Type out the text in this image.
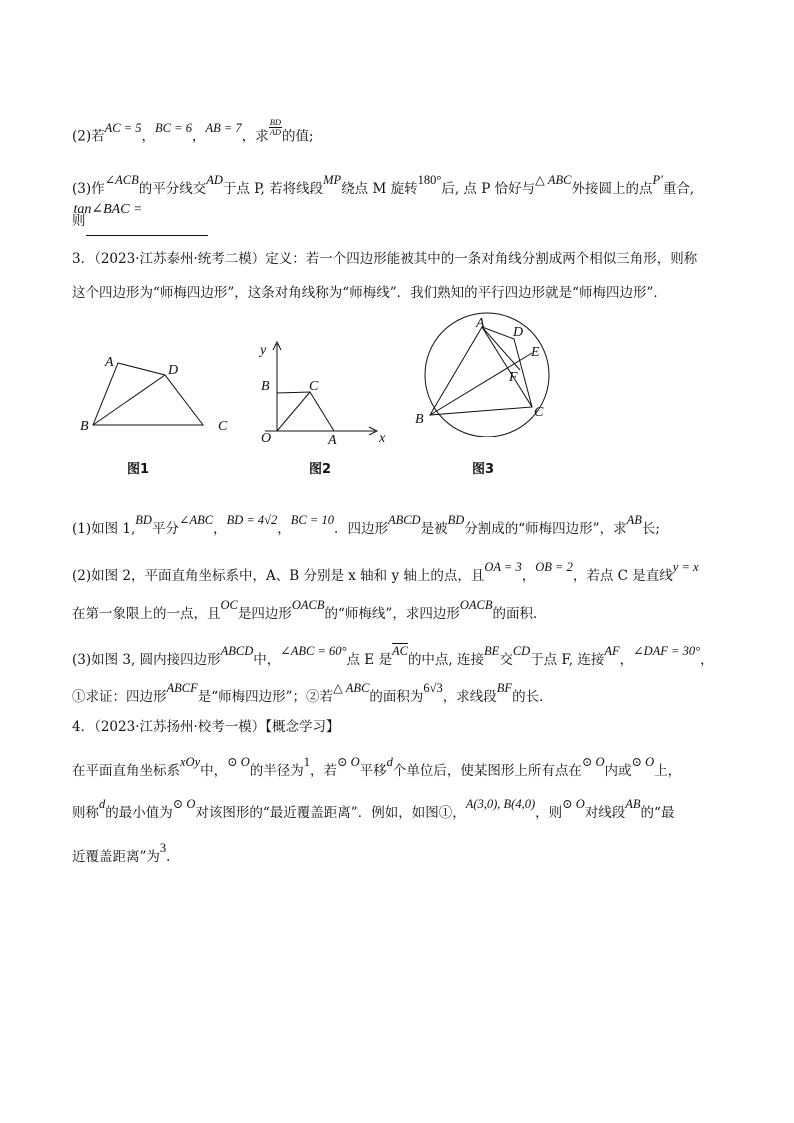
(2)若AC = 5，BC = 6，AB = 7，求
$\frac{BD}{AD}$
的值;
(3)作∠ACB的平分线交AD于点 P, 若将线段MP绕点 M 旋转180°后, 点 P 恰好与△ ABC外接圆上的点P′重合,
则tan∠BAC =

3．（2023·江苏泰州·统考二模）定义：若一个四边形能被其中的一条对角线分割成两个相似三角形，则称
这个四边形为“师梅四边形”，这条对角线称为“师梅线”．我们熟知的平行四边形就是“师梅四边形”．
A
D
B	C
y
B	C
O	A	x
A
D
E
F
B	C
图1	图2	图3
(1)如图 1,BD平分∠ABC，BD = 4√2，BC = 10．四边形ABCD是被BD分割成的“师梅四边形”，求AB长;
(2)如图 2，平面直角坐标系中，A、B 分别是 x 轴和 y 轴上的点，且OA = 3，OB = 2，若点 C 是直线y = x
在第一象限上的一点，且OC是四边形OACB的“师梅线”，求四边形OACB的面积．
(3)如图 3, 圆内接四边形ABCD中，∠ABC = 60°点 E 是$\overline{AC}$的中点, 连接BE交CD于点 F, 连接AF，∠DAF = 30°，
①求证：四边形ABCF是“师梅四边形”；②若△ ABC的面积为6√3，求线段BF的长．
4．（2023·江苏扬州·校考一模）【概念学习】
在平面直角坐标系xOy中，⊙ O的半径为1，若⊙ O平移d个单位后，使某图形上所有点在⊙ O内或⊙ O上，
则称d的最小值为⊙ O对该图形的“最近覆盖距离”．例如，如图①，A(3,0), B(4,0)，则⊙ O对线段AB的“最
近覆盖距离”为3．
